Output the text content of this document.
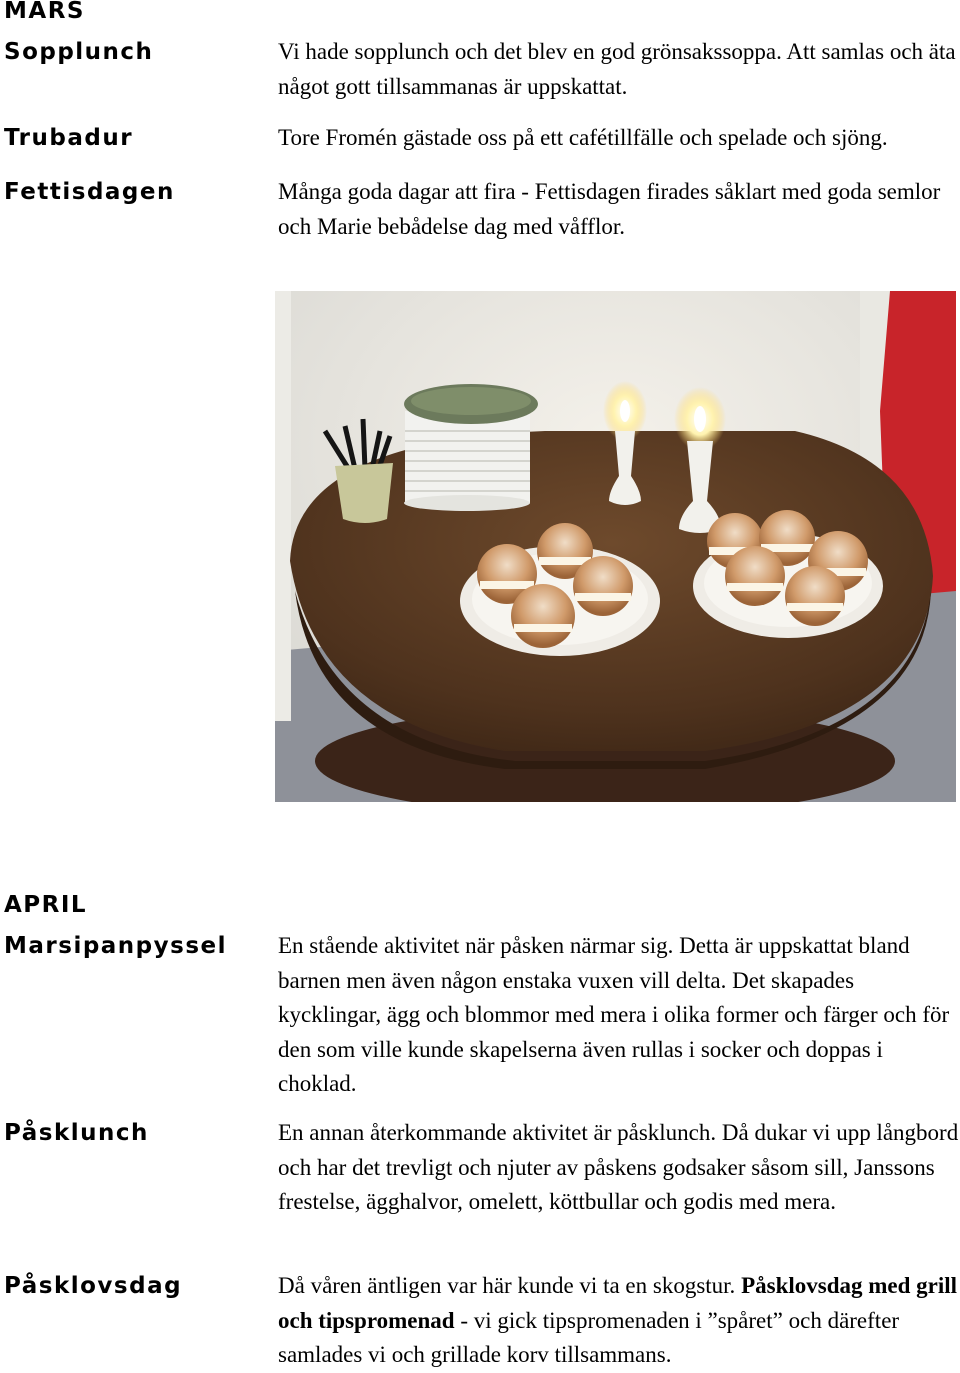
MARS
Sopplunch	Vi hade sopplunch och det blev en god grönsakssoppa. Att samlas och äta något gott tillsammanas är uppskattat.
Trubadur	Tore Fromén gästade oss på ett cafétillfälle och spelade och sjöng.
Fettisdagen	Många goda dagar att fira - Fettisdagen firades såklart med goda semlor och Marie bebådelse dag med våfflor.
APRIL
Marsipanpyssel En stående aktivitet när påsken närmar sig. Detta är uppskattat bland barnen men även någon enstaka vuxen vill delta. Det skapades kycklingar, ägg och blommor med mera i olika former och färger och för den som ville kunde skapelserna även rullas i socker och doppas i choklad.
Påsklunch	En annan återkommande aktivitet är påsklunch. Då dukar vi upp långbord och har det trevligt och njuter av påskens godsaker såsom sill, Janssons frestelse, ägghalvor, omelett, köttbullar och godis med mera.
Påsklovsdag	Då våren äntligen var här kunde vi ta en skogstur. Påsklovsdag med grill och tipspromenad - vi gick tipspromenaden i ”spåret” och därefter samlades vi och grillade korv tillsammans.
